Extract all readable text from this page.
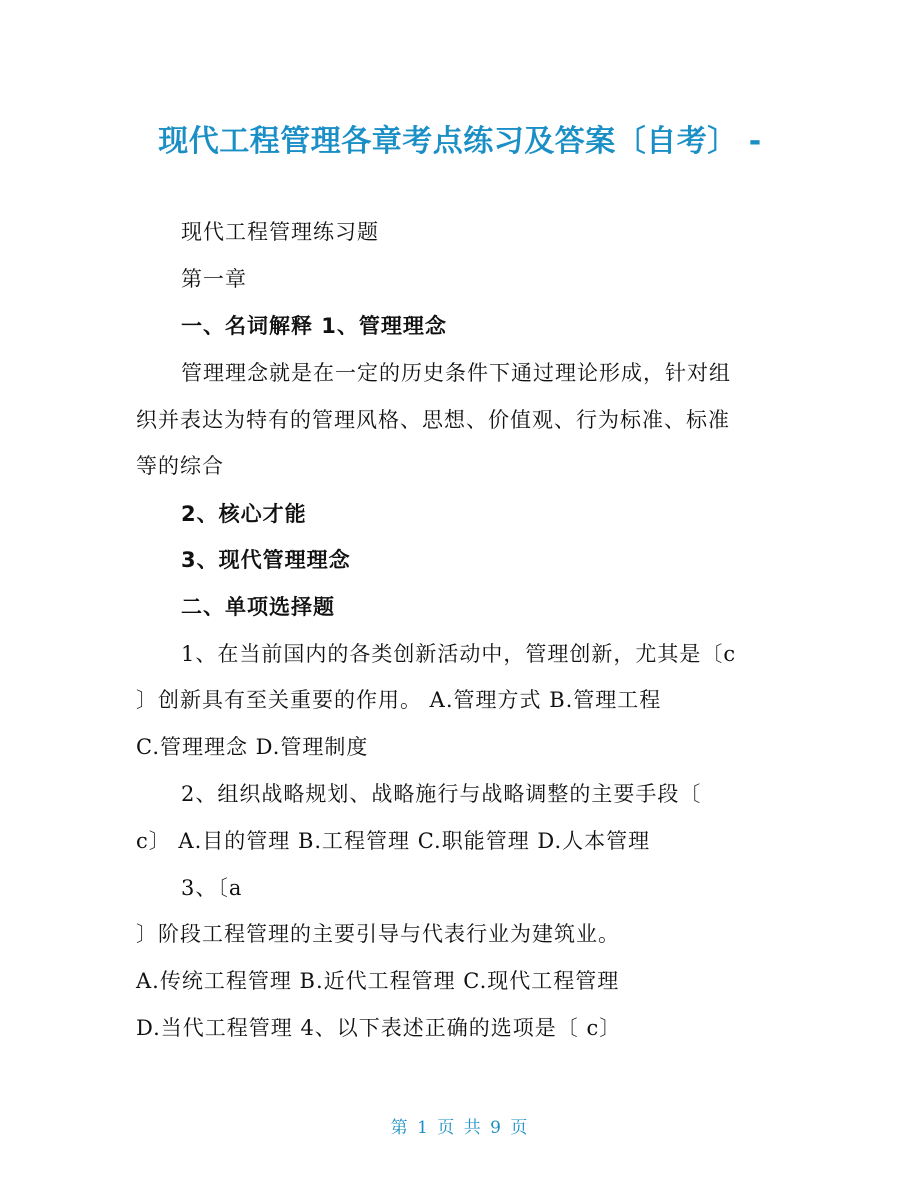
现代工程管理各章考点练习及答案〔自考〕 -
现代工程管理练习题
第一章
一、名词解释 1、管理理念
管理理念就是在一定的历史条件下通过理论形成，针对组
织并表达为特有的管理风格、思想、价值观、行为标准、标准
等的综合
2、核心才能
3、现代管理理念
二、单项选择题
1、在当前国内的各类创新活动中，管理创新，尤其是〔c
〕创新具有至关重要的作用。 A.管理方式 B.管理工程
C.管理理念 D.管理制度
2、组织战略规划、战略施行与战略调整的主要手段〔
c〕 A.目的管理 B.工程管理 C.职能管理 D.人本管理
3、〔a
〕阶段工程管理的主要引导与代表行业为建筑业。
A.传统工程管理 B.近代工程管理 C.现代工程管理
D.当代工程管理 4、以下表述正确的选项是〔 c〕
第 1 页 共 9 页
